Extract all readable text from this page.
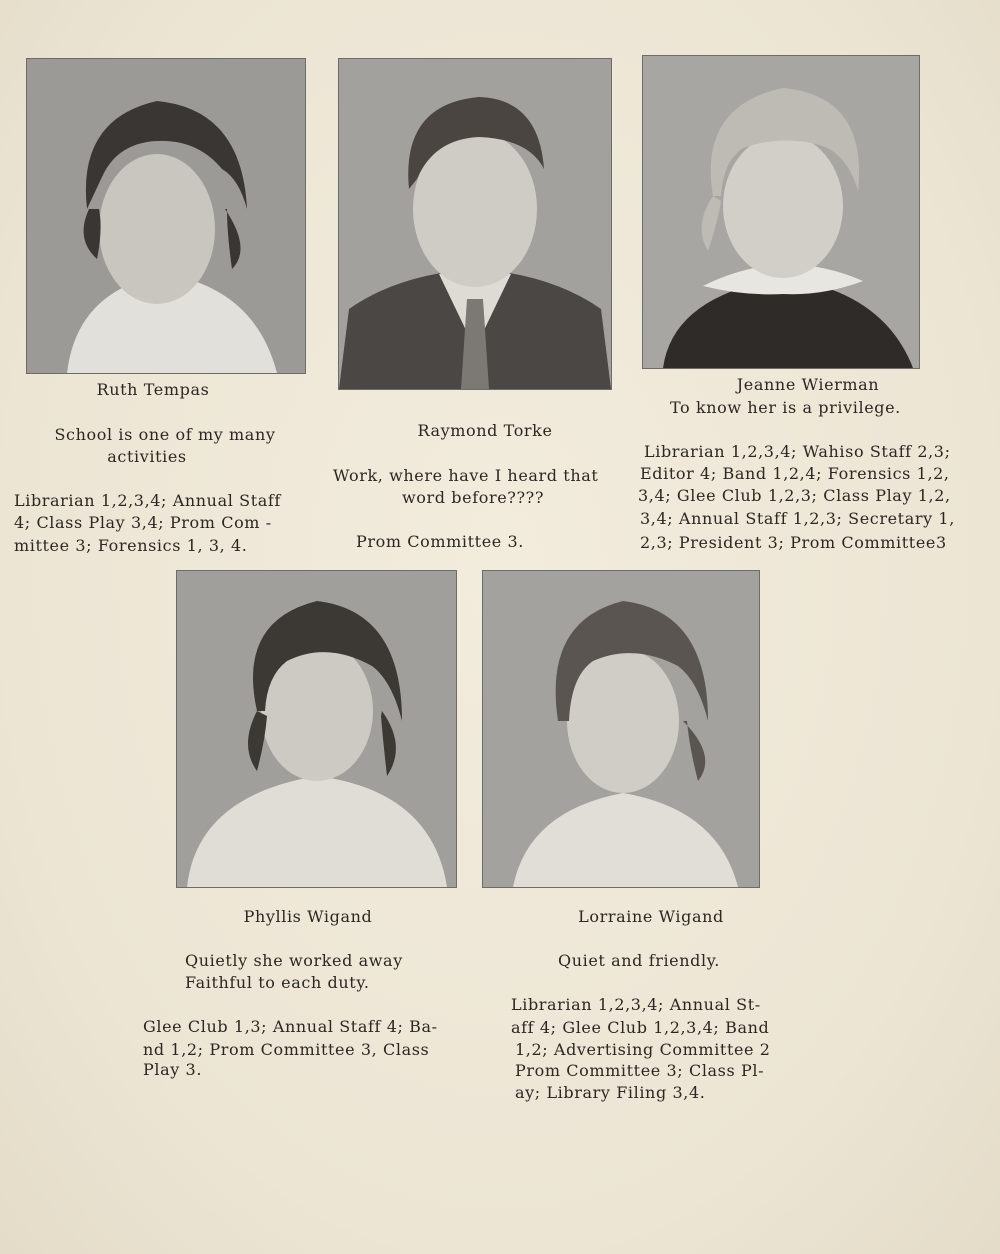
Ruth Tempas
School is one of my many
activities
Librarian 1,2,3,4; Annual Staff
4; Class Play 3,4; Prom Com -
mittee 3; Forensics 1, 3, 4.
Raymond Torke
Work, where have I heard that
word before????
Prom Committee 3.
Jeanne Wierman
To know her is a privilege.
Librarian 1,2,3,4; Wahiso Staff 2,3;
Editor 4; Band 1,2,4; Forensics 1,2,
3,4; Glee Club 1,2,3; Class Play 1,2,
3,4; Annual Staff 1,2,3; Secretary 1,
2,3; President 3; Prom Committee3
Phyllis Wigand
Quietly she worked away
Faithful to each duty.
Glee Club 1,3; Annual Staff 4; Ba-
nd 1,2; Prom Committee 3, Class
Play 3.
Lorraine Wigand
Quiet and friendly.
Librarian 1,2,3,4; Annual St-
aff 4; Glee Club 1,2,3,4; Band
1,2; Advertising Committee 2
Prom Committee 3; Class Pl-
ay; Library Filing 3,4.
